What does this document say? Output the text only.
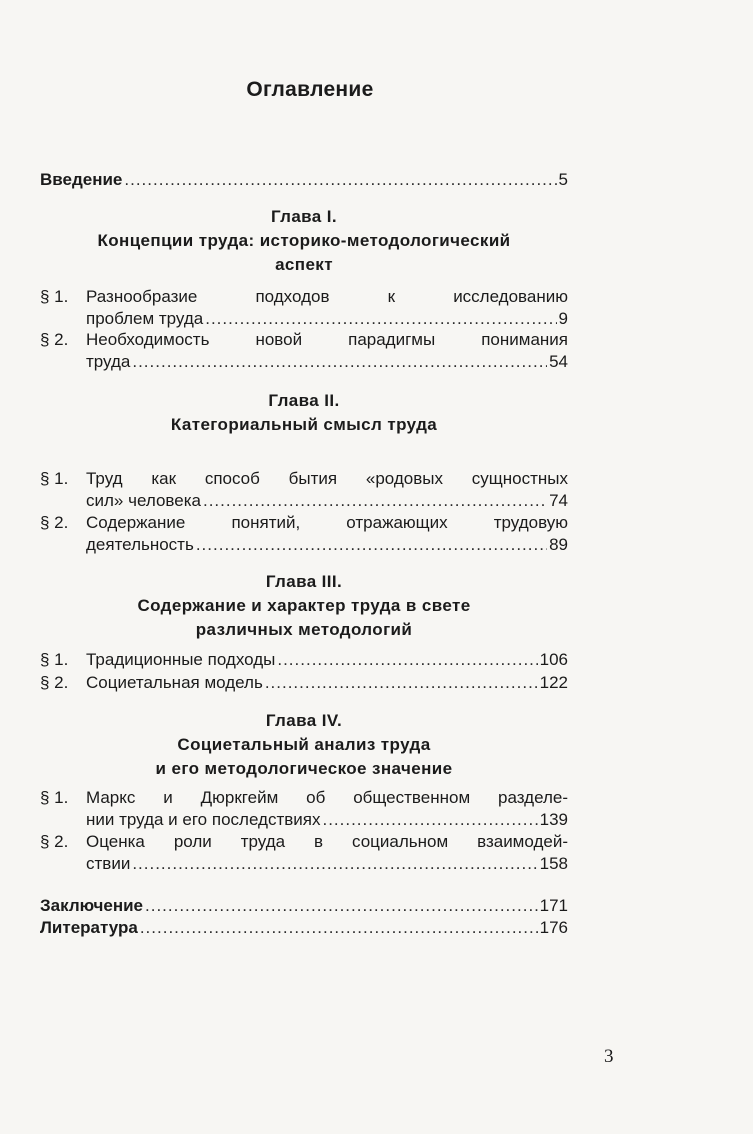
Оглавление
Введение .....	5
Глава I.
Концепции труда: историко-методологический
аспект
§ 1.	Разнообразие подходов к исследованию
проблем труда .....	9
§ 2.	Необходимость новой парадигмы понимания
труда .....	54
Глава II.
Категориальный смысл труда
§ 1.	Труд как способ бытия «родовых сущностных
сил» человека .....	74
§ 2.	Содержание понятий, отражающих трудовую
деятельность .....	89
Глава III.
Содержание и характер труда в свете
различных методологий
§ 1.	Традиционные подходы .....	106
§ 2.	Социетальная модель .....	122
Глава IV.
Социетальный анализ труда
и его методологическое значение
§ 1.	Маркс и Дюркгейм об общественном разделе-
нии труда и его последствиях .....	139
§ 2.	Оценка роли труда в социальном взаимодей-
ствии .....	158
Заключение .....	171
Литература .....	176
3
